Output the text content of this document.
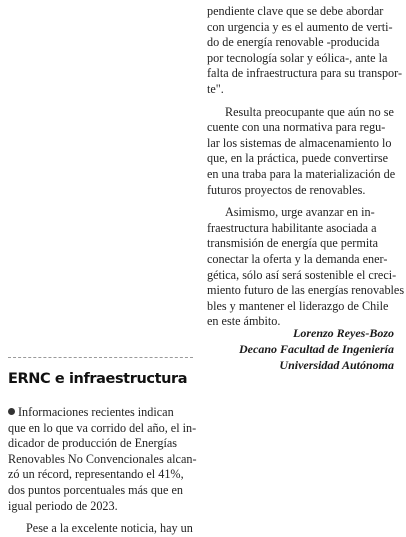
pendiente clave que se debe abordar
con urgencia y es el aumento de verti-
do de energía renovable -producida
por tecnología solar y eólica-, ante la
falta de infraestructura para su transpor-
te".

Resulta preocupante que aún no se
cuente con una normativa para regu-
lar los sistemas de almacenamiento lo
que, en la práctica, puede convertirse
en una traba para la materialización de
futuros proyectos de renovables.

Asimismo, urge avanzar en in-
fraestructura habilitante asociada a
transmisión de energía que permita
conectar la oferta y la demanda ener-
gética, sólo así será sostenible el creci-
miento futuro de las energías renovables
bles y mantener el liderazgo de Chile
en este ámbito.

Lorenzo Reyes-Bozo
Decano Facultad de Ingeniería
Universidad Autónoma
ERNC e infraestructura

Informaciones recientes indican
que en lo que va corrido del año, el in-
dicador de producción de Energías
Renovables No Convencionales alcan-
zó un récord, representando el 41%,
dos puntos porcentuales más que en
igual periodo de 2023.

Pese a la excelente noticia, hay un
